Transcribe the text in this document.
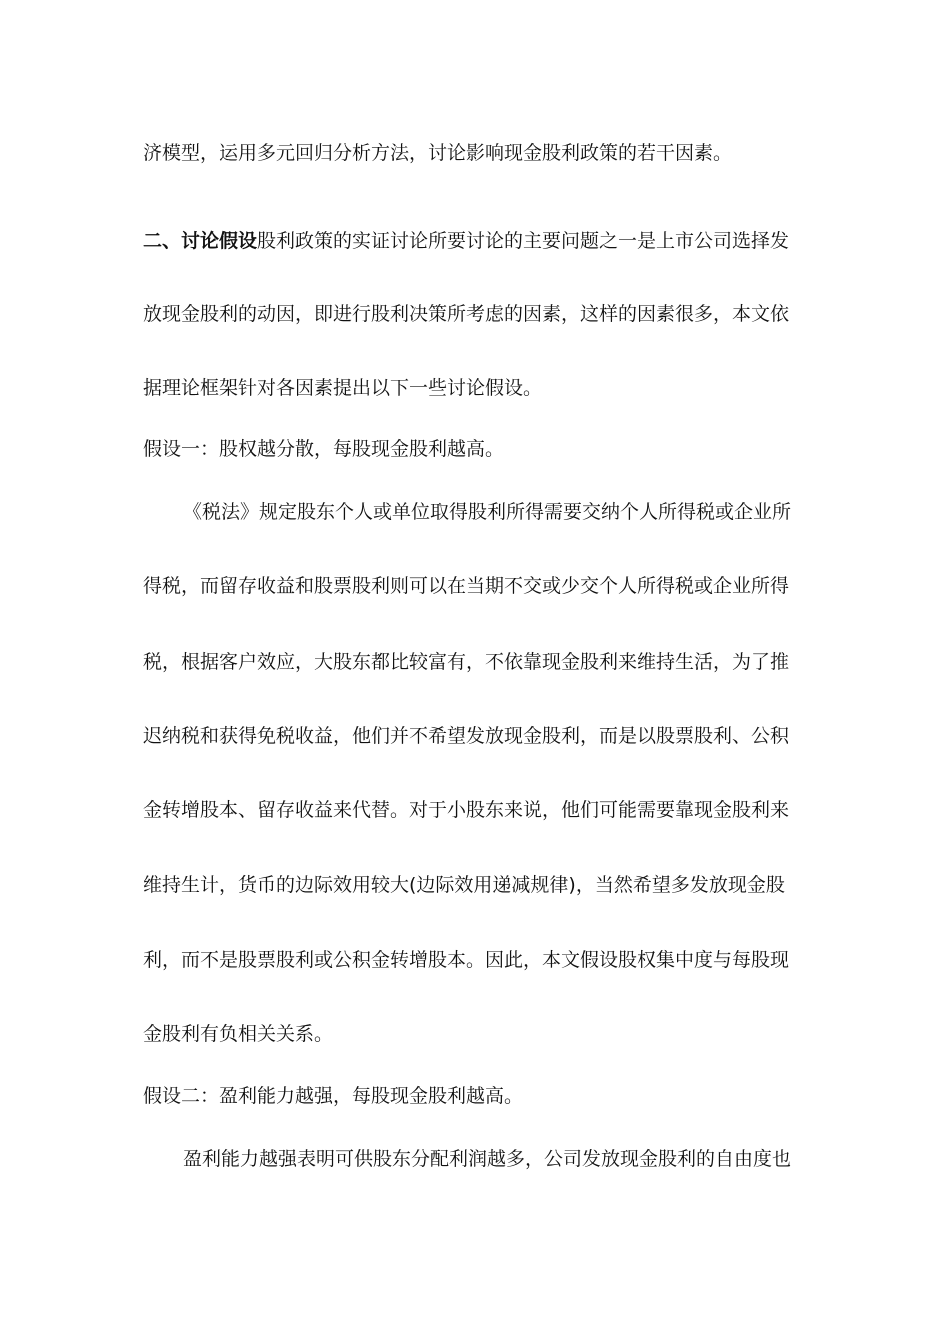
济模型，运用多元回归分析方法，讨论影响现金股利政策的若干因素。
二、讨论假设股利政策的实证讨论所要讨论的主要问题之一是上市公司选择发
放现金股利的动因，即进行股利决策所考虑的因素，这样的因素很多，本文依
据理论框架针对各因素提出以下一些讨论假设。
假设一：股权越分散，每股现金股利越高。
《税法》规定股东个人或单位取得股利所得需要交纳个人所得税或企业所
得税，而留存收益和股票股利则可以在当期不交或少交个人所得税或企业所得
税，根据客户效应，大股东都比较富有，不依靠现金股利来维持生活，为了推
迟纳税和获得免税收益，他们并不希望发放现金股利，而是以股票股利、公积
金转增股本、留存收益来代替。对于小股东来说，他们可能需要靠现金股利来
维持生计，货币的边际效用较大(边际效用递减规律)，当然希望多发放现金股
利，而不是股票股利或公积金转增股本。因此，本文假设股权集中度与每股现
金股利有负相关关系。
假设二：盈利能力越强，每股现金股利越高。
盈利能力越强表明可供股东分配利润越多，公司发放现金股利的自由度也
